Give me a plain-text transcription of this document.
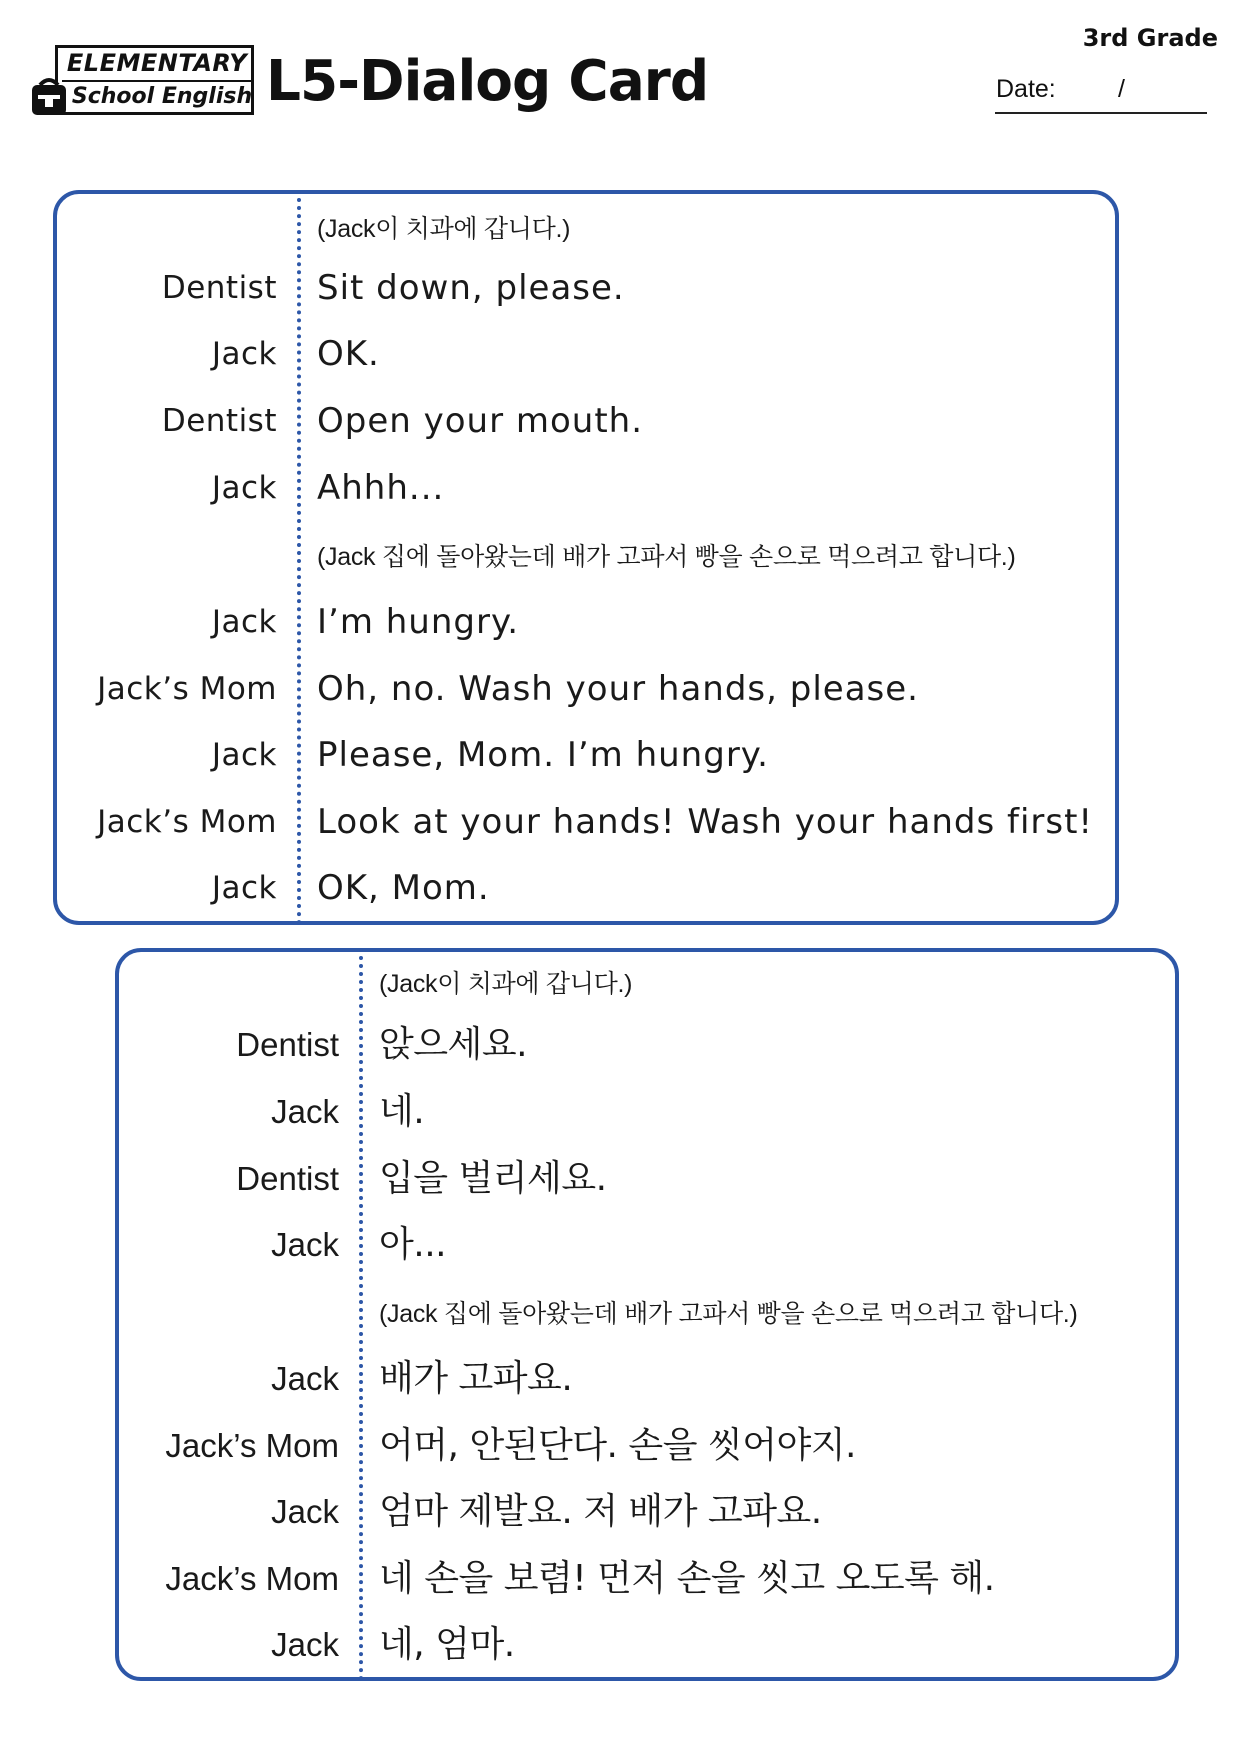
ELEMENTARY
School English L5-Dialog Card
3rd Grade
Date: /
(Jack이 치과에 갑니다.)
Dentist Sit down, please.
Jack OK.
Dentist Open your mouth.
Jack Ahhh...
(Jack 집에 돌아왔는데 배가 고파서 빵을 손으로 먹으려고 합니다.)
Jack I’m hungry.
Jack’s Mom Oh, no. Wash your hands, please.
Jack Please, Mom. I’m hungry.
Jack’s Mom Look at your hands! Wash your hands first!
Jack OK, Mom.
(Jack이 치과에 갑니다.)
Dentist 앉으세요.
Jack 네.
Dentist 입을 벌리세요.
Jack 아...
(Jack 집에 돌아왔는데 배가 고파서 빵을 손으로 먹으려고 합니다.)
Jack 배가 고파요.
Jack’s Mom 어머, 안된단다. 손을 씻어야지.
Jack 엄마 제발요. 저 배가 고파요.
Jack’s Mom 네 손을 보렴! 먼저 손을 씻고 오도록 해.
Jack 네, 엄마.
